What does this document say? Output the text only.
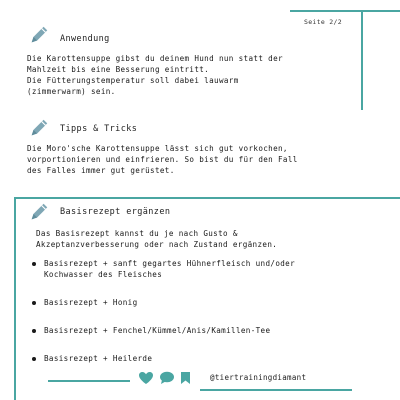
Seite 2/2
Anwendung

Die Karottensuppe gibst du deinem Hund nun statt der
Mahlzeit bis eine Besserung eintritt.
Die Fütterungstemperatur soll dabei lauwarm
(zimmerwarm) sein.

Tipps & Tricks

Die Moro'sche Karottensuppe lässt sich gut vorkochen,
vorportionieren und einfrieren. So bist du für den Fall
des Falles immer gut gerüstet.

Basisrezept ergänzen

Das Basisrezept kannst du je nach Gusto &
Akzeptanzverbesserung oder nach Zustand ergänzen.

Basisrezept + sanft gegartes Hühnerfleisch und/oder
Kochwasser des Fleisches
Basisrezept + Honig
Basisrezept + Fenchel/Kümmel/Anis/Kamillen-Tee
Basisrezept + Heilerde
@tiertrainingdiamant
